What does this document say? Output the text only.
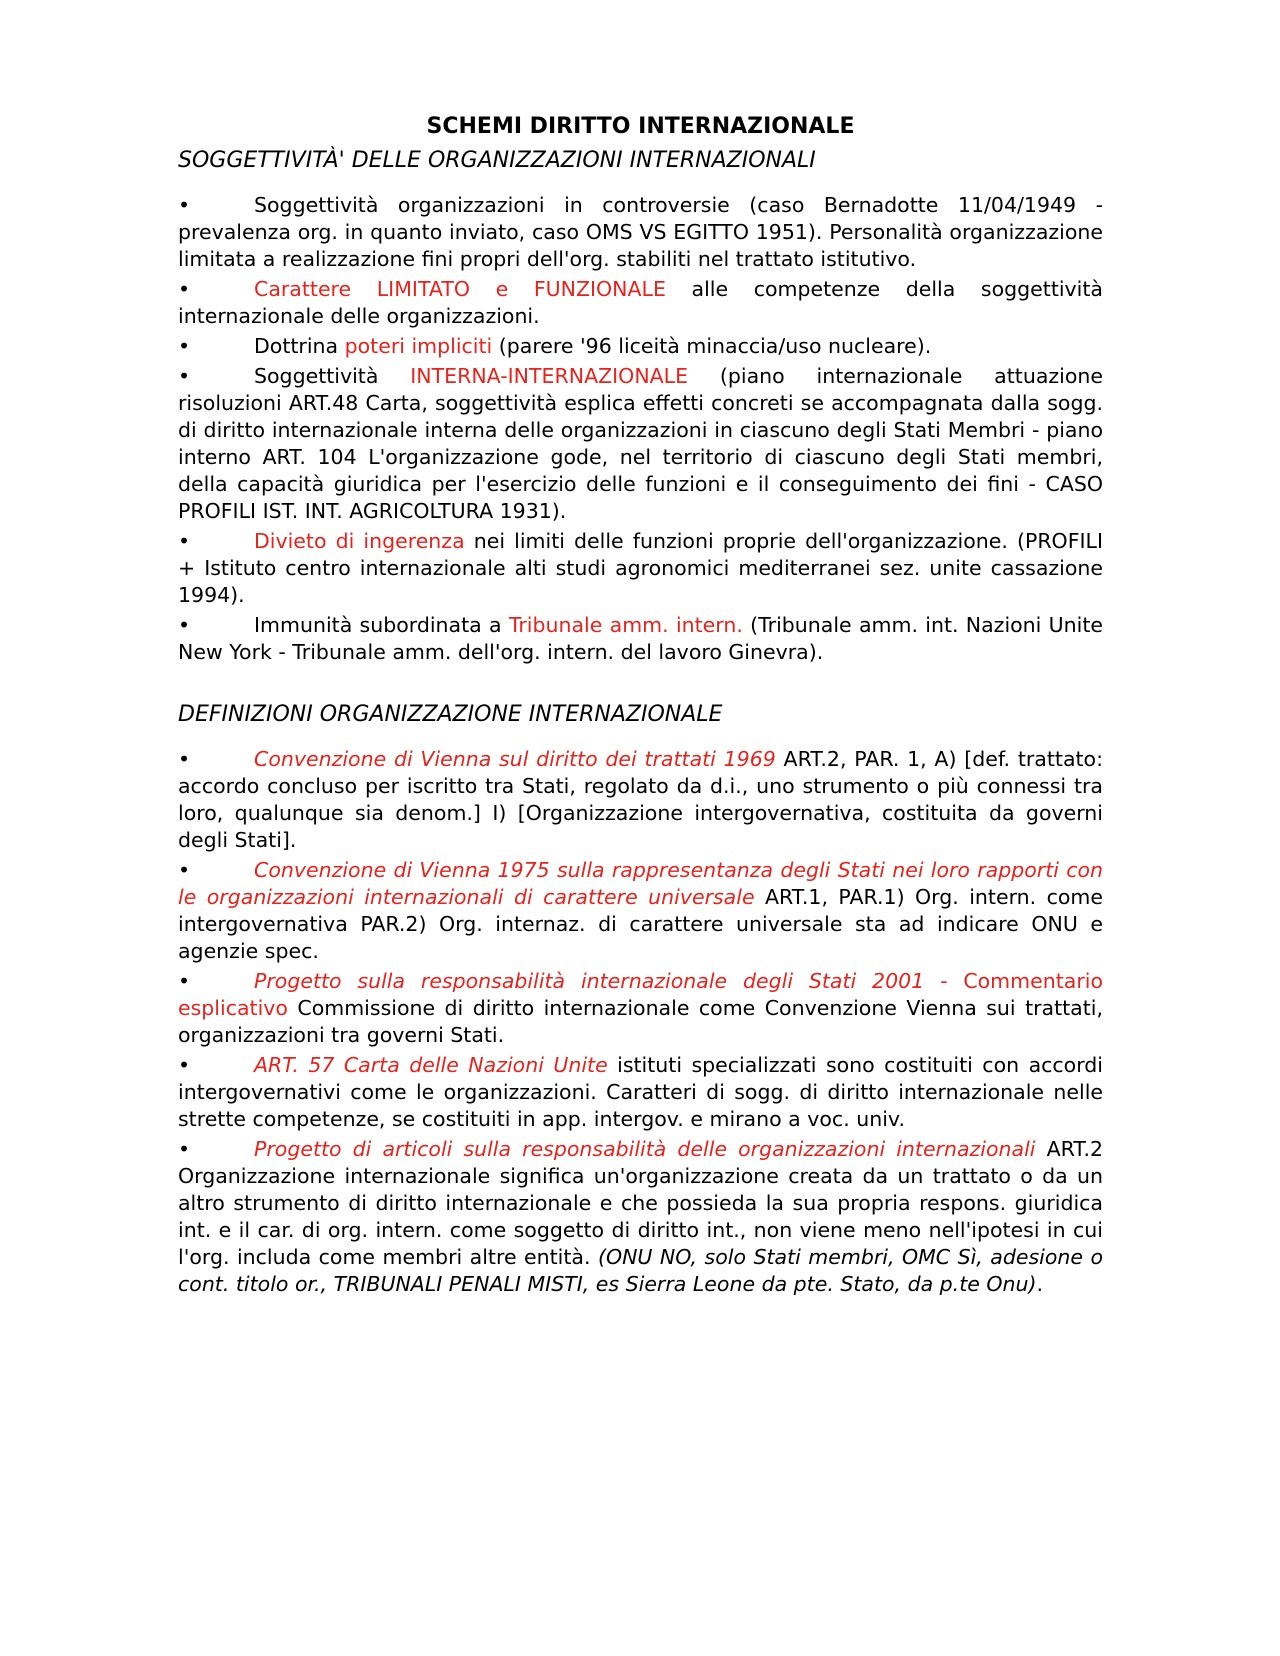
SCHEMI DIRITTO INTERNAZIONALE
SOGGETTIVITÀ' DELLE ORGANIZZAZIONI INTERNAZIONALI
•	Soggettività organizzazioni in controversie (caso Bernadotte 11/04/1949 - prevalenza org. in quanto inviato, caso OMS VS EGITTO 1951). Personalità organizzazione limitata a realizzazione fini propri dell'org. stabiliti nel trattato istitutivo.
•	Carattere LIMITATO e FUNZIONALE alle competenze della soggettività internazionale delle organizzazioni.
•	Dottrina poteri impliciti (parere '96 liceità minaccia/uso nucleare).
•	Soggettività INTERNA-INTERNAZIONALE (piano internazionale attuazione risoluzioni ART.48 Carta, soggettività esplica effetti concreti se accompagnata dalla sogg. di diritto internazionale interna delle organizzazioni in ciascuno degli Stati Membri - piano interno ART. 104 L'organizzazione gode, nel territorio di ciascuno degli Stati membri, della capacità giuridica per l'esercizio delle funzioni e il conseguimento dei fini - CASO PROFILI IST. INT. AGRICOLTURA 1931).
•	Divieto di ingerenza nei limiti delle funzioni proprie dell'organizzazione. (PROFILI + Istituto centro internazionale alti studi agronomici mediterranei sez. unite cassazione 1994).
•	Immunità subordinata a Tribunale amm. intern. (Tribunale amm. int. Nazioni Unite New York - Tribunale amm. dell'org. intern. del lavoro Ginevra).
DEFINIZIONI ORGANIZZAZIONE INTERNAZIONALE
•	Convenzione di Vienna sul diritto dei trattati 1969 ART.2, PAR. 1, A) [def. trattato: accordo concluso per iscritto tra Stati, regolato da d.i., uno strumento o più connessi tra loro, qualunque sia denom.] I) [Organizzazione intergovernativa, costituita da governi degli Stati].
•	Convenzione di Vienna 1975 sulla rappresentanza degli Stati nei loro rapporti con le organizzazioni internazionali di carattere universale ART.1, PAR.1) Org. intern. come intergovernativa PAR.2) Org. internaz. di carattere universale sta ad indicare ONU e agenzie spec.
•	Progetto sulla responsabilità internazionale degli Stati 2001 - Commentario esplicativo Commissione di diritto internazionale come Convenzione Vienna sui trattati, organizzazioni tra governi Stati.
•	ART. 57 Carta delle Nazioni Unite istituti specializzati sono costituiti con accordi intergovernativi come le organizzazioni. Caratteri di sogg. di diritto internazionale nelle strette competenze, se costituiti in app. intergov. e mirano a voc. univ.
•	Progetto di articoli sulla responsabilità delle organizzazioni internazionali ART.2 Organizzazione internazionale significa un'organizzazione creata da un trattato o da un altro strumento di diritto internazionale e che possieda la sua propria respons. giuridica int. e il car. di org. intern. come soggetto di diritto int., non viene meno nell'ipotesi in cui l'org. includa come membri altre entità. (ONU NO, solo Stati membri, OMC Sì, adesione o cont. titolo or., TRIBUNALI PENALI MISTI, es Sierra Leone da pte. Stato, da p.te Onu).
